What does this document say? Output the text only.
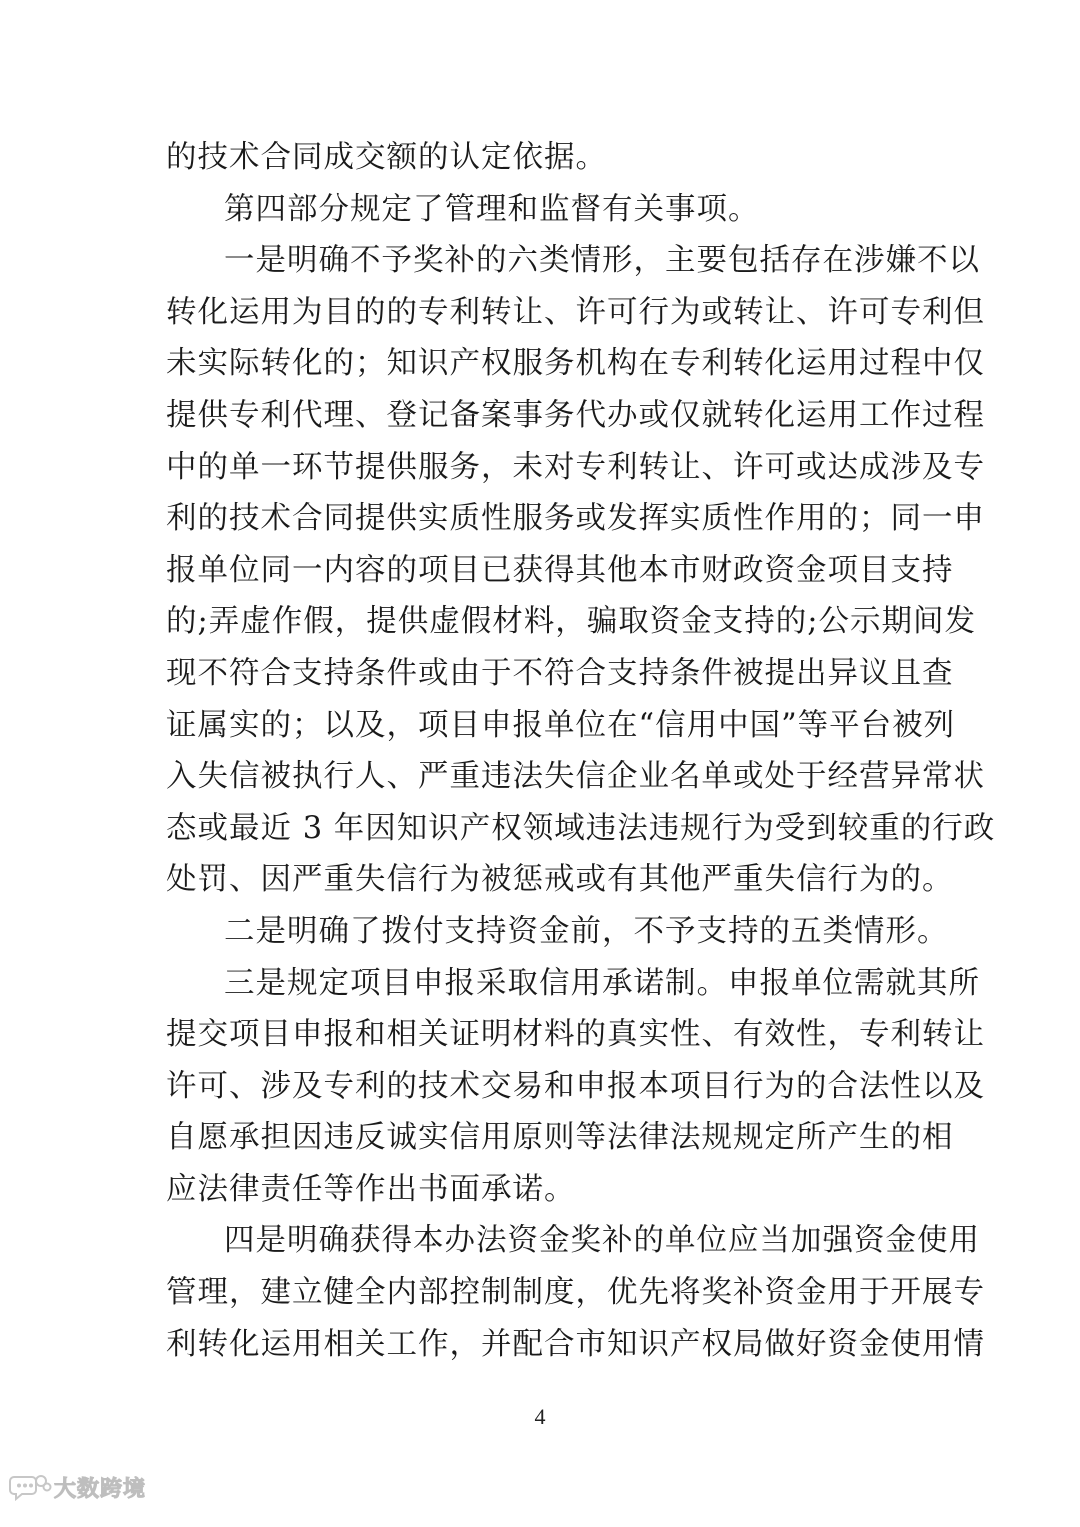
的技术合同成交额的认定依据。
第四部分规定了管理和监督有关事项。
一是明确不予奖补的六类情形，主要包括存在涉嫌不以
转化运用为目的的专利转让、许可行为或转让、许可专利但
未实际转化的；知识产权服务机构在专利转化运用过程中仅
提供专利代理、登记备案事务代办或仅就转化运用工作过程
中的单一环节提供服务，未对专利转让、许可或达成涉及专
利的技术合同提供实质性服务或发挥实质性作用的；同一申
报单位同一内容的项目已获得其他本市财政资金项目支持
的;弄虚作假，提供虚假材料，骗取资金支持的;公示期间发
现不符合支持条件或由于不符合支持条件被提出异议且查
证属实的；以及，项目申报单位在“信用中国”等平台被列
入失信被执行人、严重违法失信企业名单或处于经营异常状
态或最近 3 年因知识产权领域违法违规行为受到较重的行政
处罚、因严重失信行为被惩戒或有其他严重失信行为的。
二是明确了拨付支持资金前，不予支持的五类情形。
三是规定项目申报采取信用承诺制。申报单位需就其所
提交项目申报和相关证明材料的真实性、有效性，专利转让
许可、涉及专利的技术交易和申报本项目行为的合法性以及
自愿承担因违反诚实信用原则等法律法规规定所产生的相
应法律责任等作出书面承诺。
四是明确获得本办法资金奖补的单位应当加强资金使用
管理，建立健全内部控制制度，优先将奖补资金用于开展专
利转化运用相关工作，并配合市知识产权局做好资金使用情
4
大数跨境
